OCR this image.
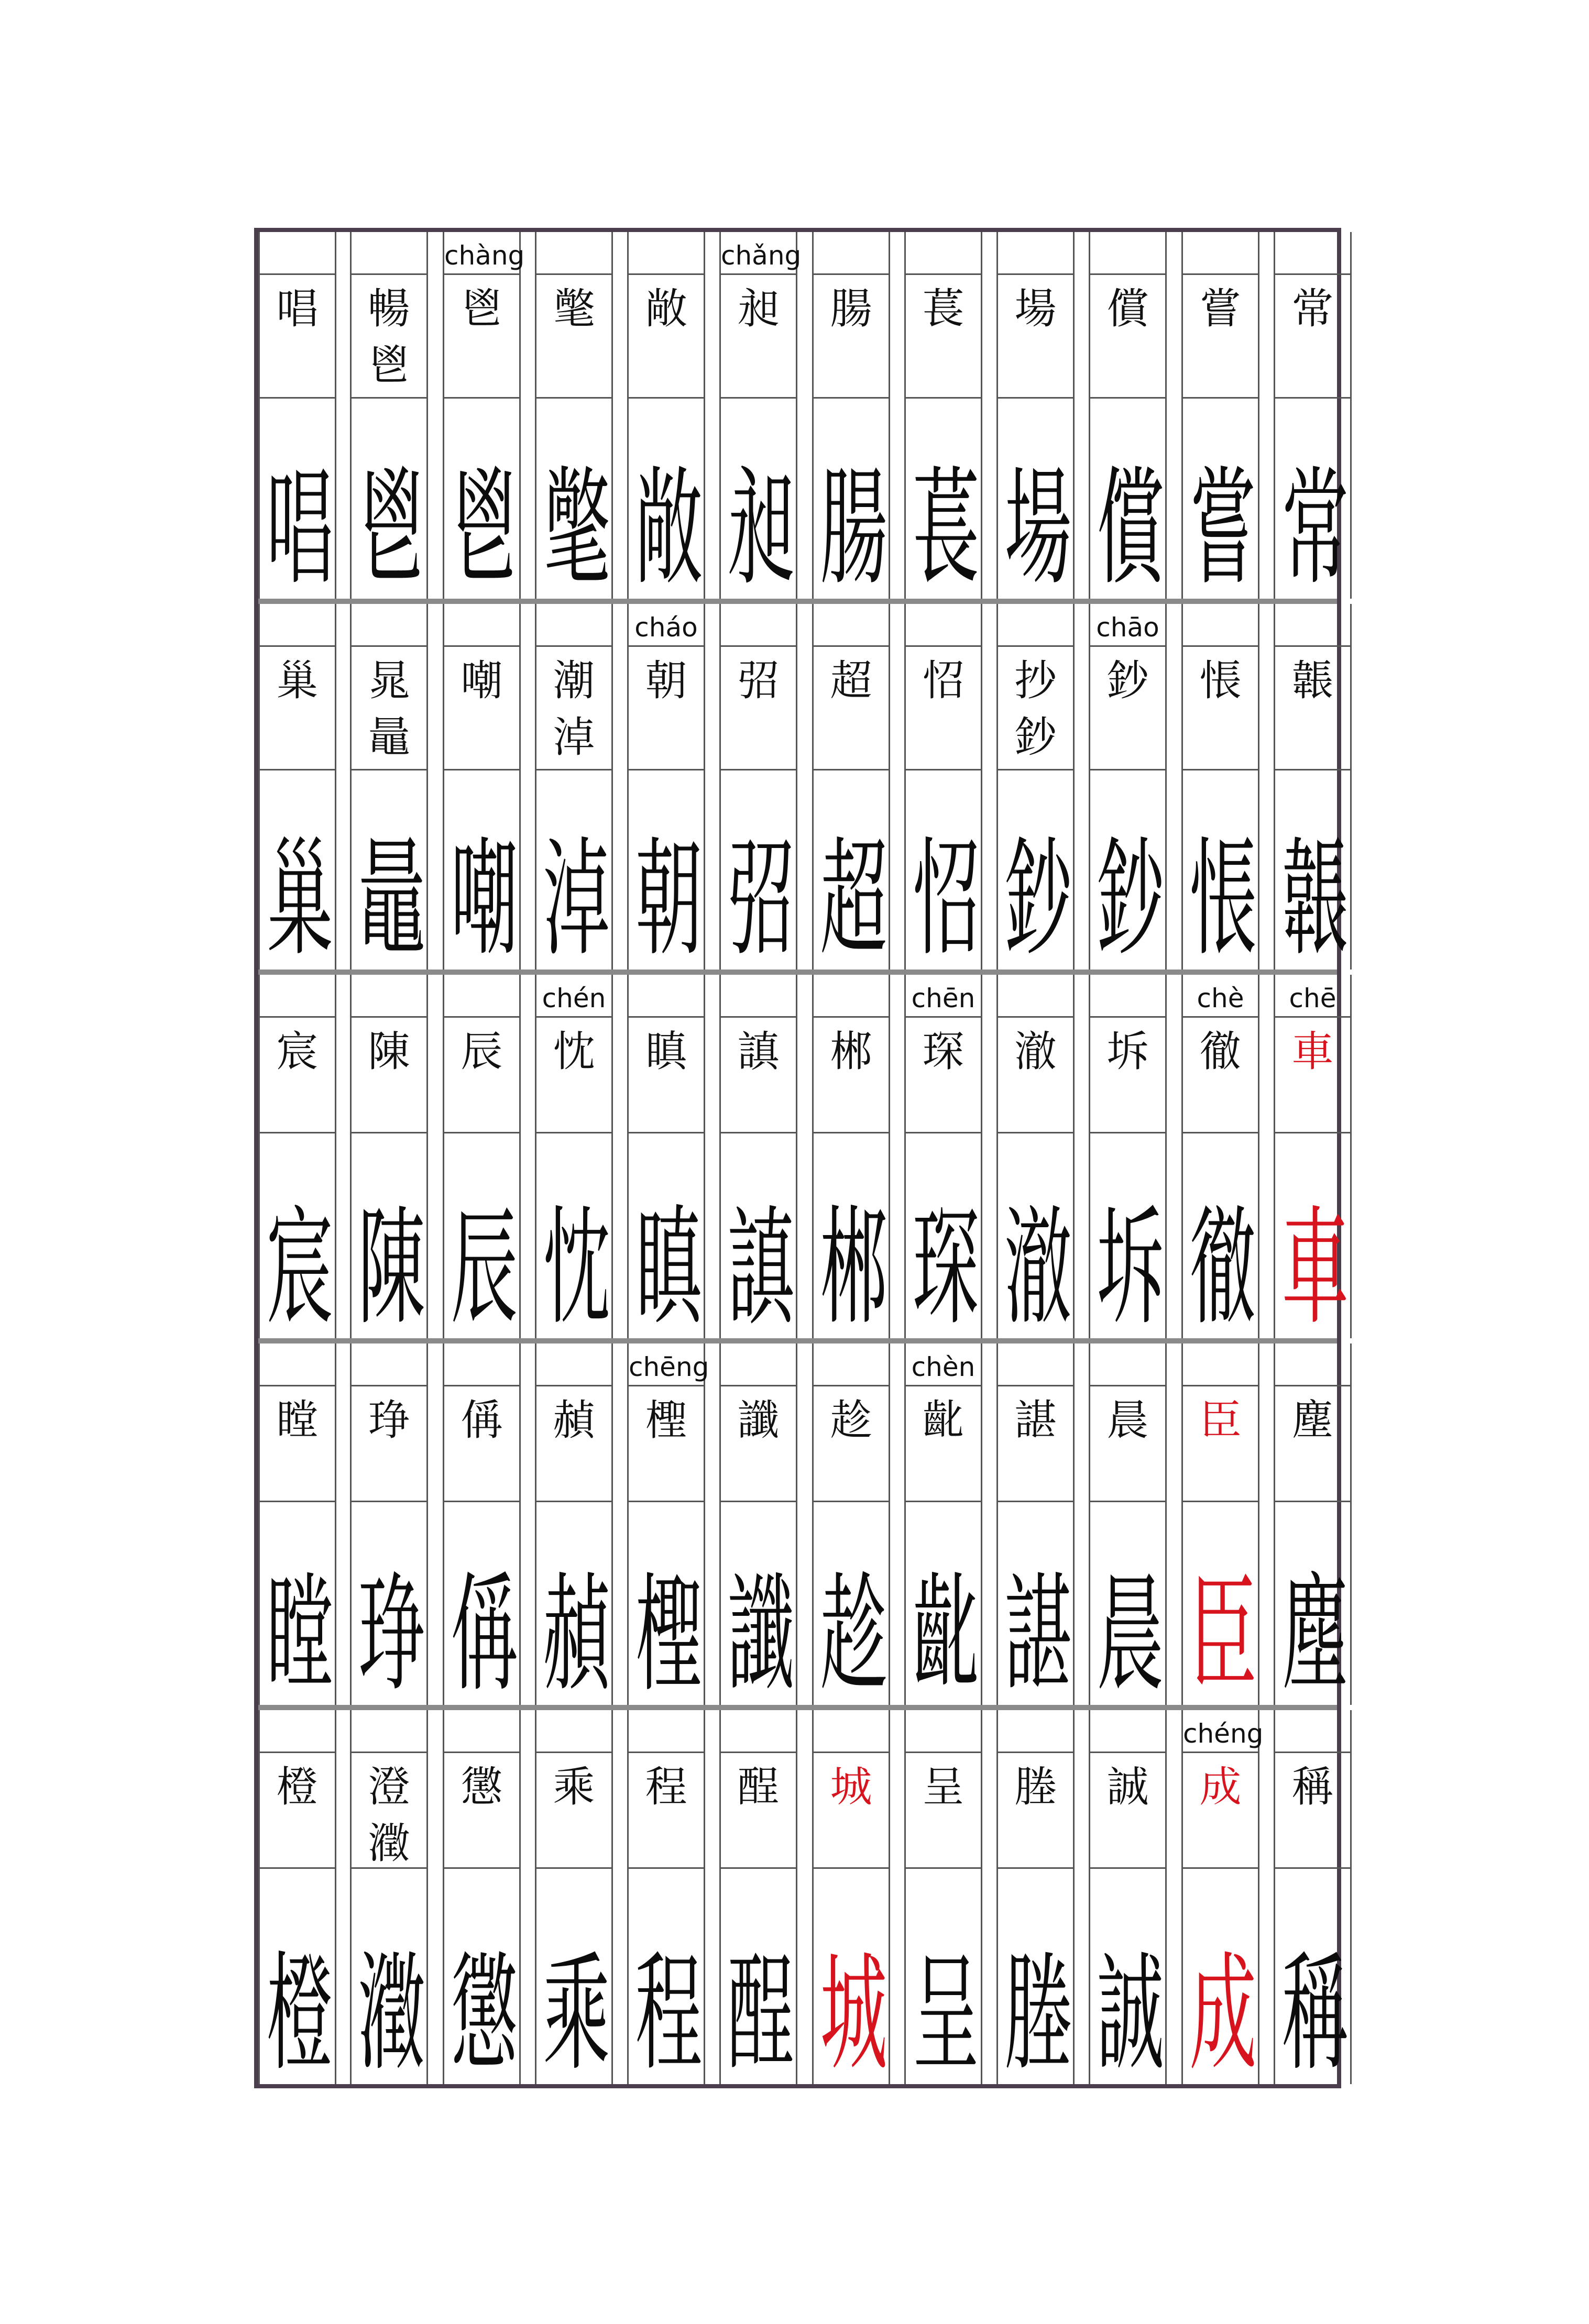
唱
唱
暢
鬯
鬯
chàng
鬯
鬯
氅
氅
敞
敞
chǎng
昶
昶
腸
腸
萇
萇
場
場
償
償
嘗
嘗
常
常
巢
巢
晁
鼂
鼂
嘲
嘲
潮
淖
淖
cháo
朝
朝
弨
弨
超
超
怊
怊
抄
鈔
鈔
chāo
鈔
鈔
悵
悵
韔
韔
宸
宸
陳
陳
辰
辰
chén
忱
忱
瞋
瞋
謓
謓
郴
郴
chēn
琛
琛
澈
澈
坼
坼
chè
徹
徹
chē
車
車
瞠
瞠
琤
琤
偁
偁
赬
赬
chēng
檉
檉
讖
讖
趁
趁
chèn
齔
齔
諶
諶
晨
晨
臣
臣
塵
塵
橙
橙
澄
瀓
瀓
懲
懲
乘
乘
程
程
酲
酲
城
城
呈
呈
塍
塍
誠
誠
chéng
成
成
稱
稱
